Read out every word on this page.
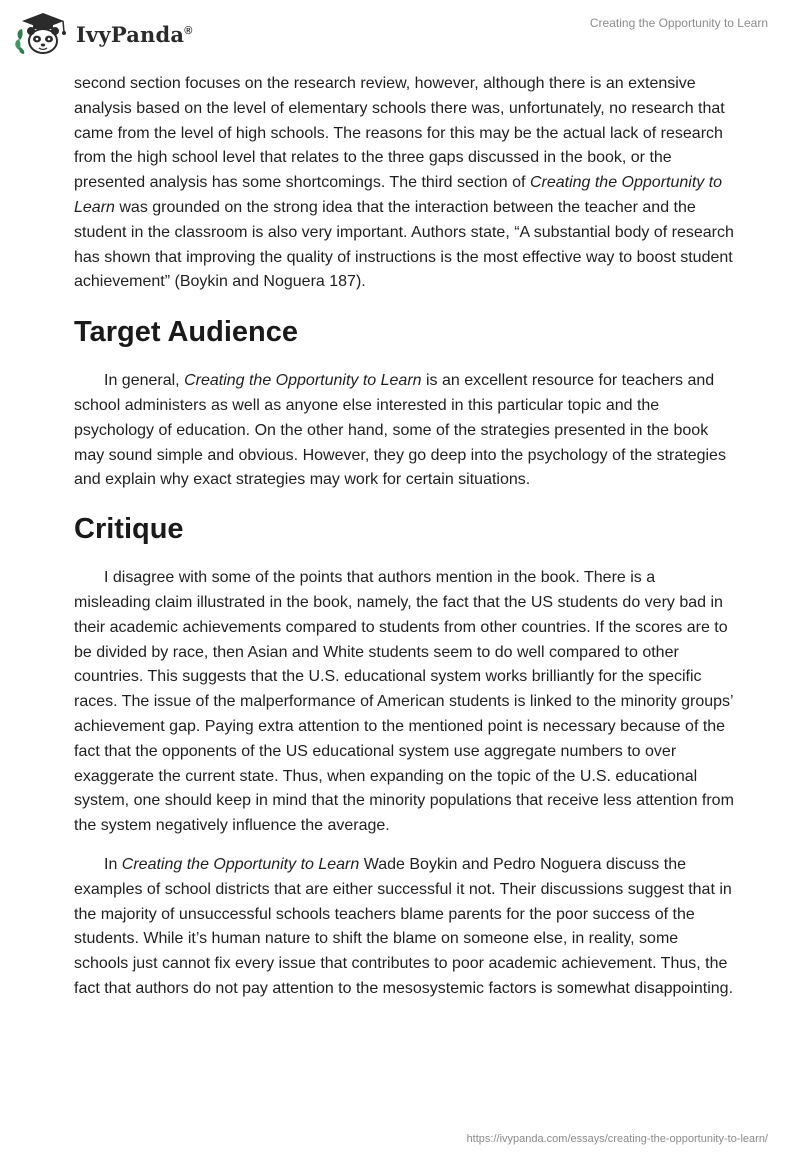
IvyPanda®
Creating the Opportunity to Learn

second section focuses on the research review, however, although there is an extensive analysis based on the level of elementary schools there was, unfortunately, no research that came from the level of high schools. The reasons for this may be the actual lack of research from the high school level that relates to the three gaps discussed in the book, or the presented analysis has some shortcomings. The third section of Creating the Opportunity to Learn was grounded on the strong idea that the interaction between the teacher and the student in the classroom is also very important. Authors state, “A substantial body of research has shown that improving the quality of instructions is the most effective way to boost student achievement” (Boykin and Noguera 187).

Target Audience

In general, Creating the Opportunity to Learn is an excellent resource for teachers and school administers as well as anyone else interested in this particular topic and the psychology of education. On the other hand, some of the strategies presented in the book may sound simple and obvious. However, they go deep into the psychology of the strategies and explain why exact strategies may work for certain situations.

Critique

I disagree with some of the points that authors mention in the book. There is a misleading claim illustrated in the book, namely, the fact that the US students do very bad in their academic achievements compared to students from other countries. If the scores are to be divided by race, then Asian and White students seem to do well compared to other countries. This suggests that the U.S. educational system works brilliantly for the specific races. The issue of the malperformance of American students is linked to the minority groups’ achievement gap. Paying extra attention to the mentioned point is necessary because of the fact that the opponents of the US educational system use aggregate numbers to over exaggerate the current state. Thus, when expanding on the topic of the U.S. educational system, one should keep in mind that the minority populations that receive less attention from the system negatively influence the average.

In Creating the Opportunity to Learn Wade Boykin and Pedro Noguera discuss the examples of school districts that are either successful it not. Their discussions suggest that in the majority of unsuccessful schools teachers blame parents for the poor success of the students. While it’s human nature to shift the blame on someone else, in reality, some schools just cannot fix every issue that contributes to poor academic achievement. Thus, the fact that authors do not pay attention to the mesosystemic factors is somewhat disappointing.

https://ivypanda.com/essays/creating-the-opportunity-to-learn/
